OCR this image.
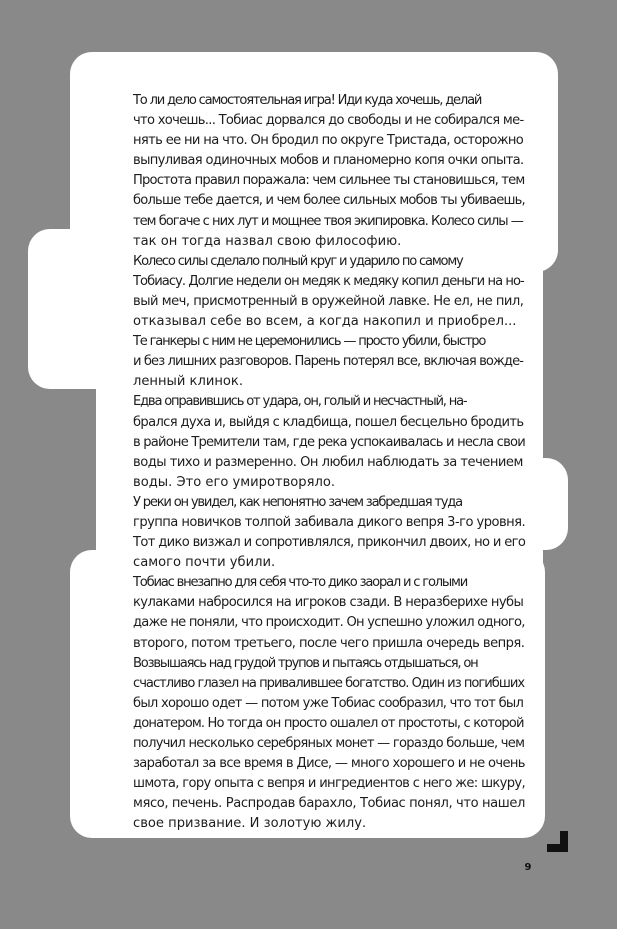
То ли дело самостоятельная игра! Иди куда хочешь, делай
что хочешь... Тобиас дорвался до свободы и не собирался ме-
нять ее ни на что. Он бродил по округе Тристада, осторожно
выпуливая одиночных мобов и планомерно копя очки опыта.
Простота правил поражала: чем сильнее ты становишься, тем
больше тебе дается, и чем более сильных мобов ты убиваешь,
тем богаче с них лут и мощнее твоя экипировка. Колесо силы —
так он тогда назвал свою философию.

Колесо силы сделало полный круг и ударило по самому
Тобиасу. Долгие недели он медяк к медяку копил деньги на но-
вый меч, присмотренный в оружейной лавке. Не ел, не пил,
отказывал себе во всем, а когда накопил и приобрел...

Те ганкеры с ним не церемонились — просто убили, быстро
и без лишних разговоров. Парень потерял все, включая вожде-
ленный клинок.

Едва оправившись от удара, он, голый и несчастный, на-
брался духа и, выйдя с кладбища, пошел бесцельно бродить
в районе Тремители там, где река успокаивалась и несла свои
воды тихо и размеренно. Он любил наблюдать за течением
воды. Это его умиротворяло.

У реки он увидел, как непонятно зачем забредшая туда
группа новичков толпой забивала дикого вепря 3-го уровня.
Тот дико визжал и сопротивлялся, прикончил двоих, но и его
самого почти убили.

Тобиас внезапно для себя что-то дико заорал и с голыми
кулаками набросился на игроков сзади. В неразберихе нубы
даже не поняли, что происходит. Он успешно уложил одного,
второго, потом третьего, после чего пришла очередь вепря.

Возвышаясь над грудой трупов и пытаясь отдышаться, он
счастливо глазел на привалившее богатство. Один из погибших
был хорошо одет — потом уже Тобиас сообразил, что тот был
донатером. Но тогда он просто ошалел от простоты, с которой
получил несколько серебряных монет — гораздо больше, чем
заработал за все время в Дисе, — много хорошего и не очень
шмота, гору опыта с вепря и ингредиентов с него же: шкуру,
мясо, печень. Распродав барахло, Тобиас понял, что нашел
свое призвание. И золотую жилу.

9
